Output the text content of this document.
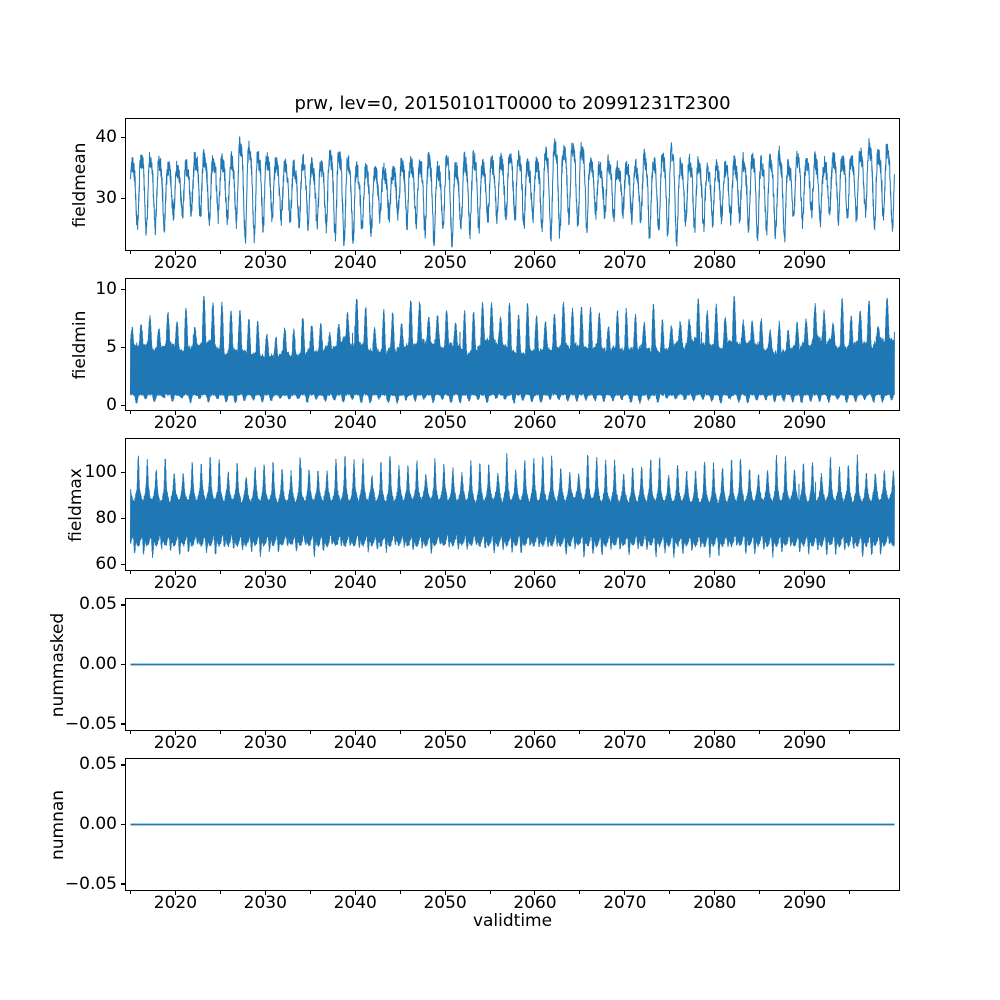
prw, lev=0, 20150101T0000 to 20991231T2300
fieldmean
fieldmin
fieldmax
nummasked
numnan
2020	2030	2040	2050	2060	2070	2080	2090
30
40
2020	2030	2040	2050	2060	2070	2080	2090
0
5
10
2020	2030	2040	2050	2060	2070	2080	2090
60
80
100
2020	2030	2040	2050	2060	2070	2080	2090
−0.05
0.00
0.05
2020	2030	2040	2050	2060	2070	2080	2090
−0.05
0.00
0.05
validtime
